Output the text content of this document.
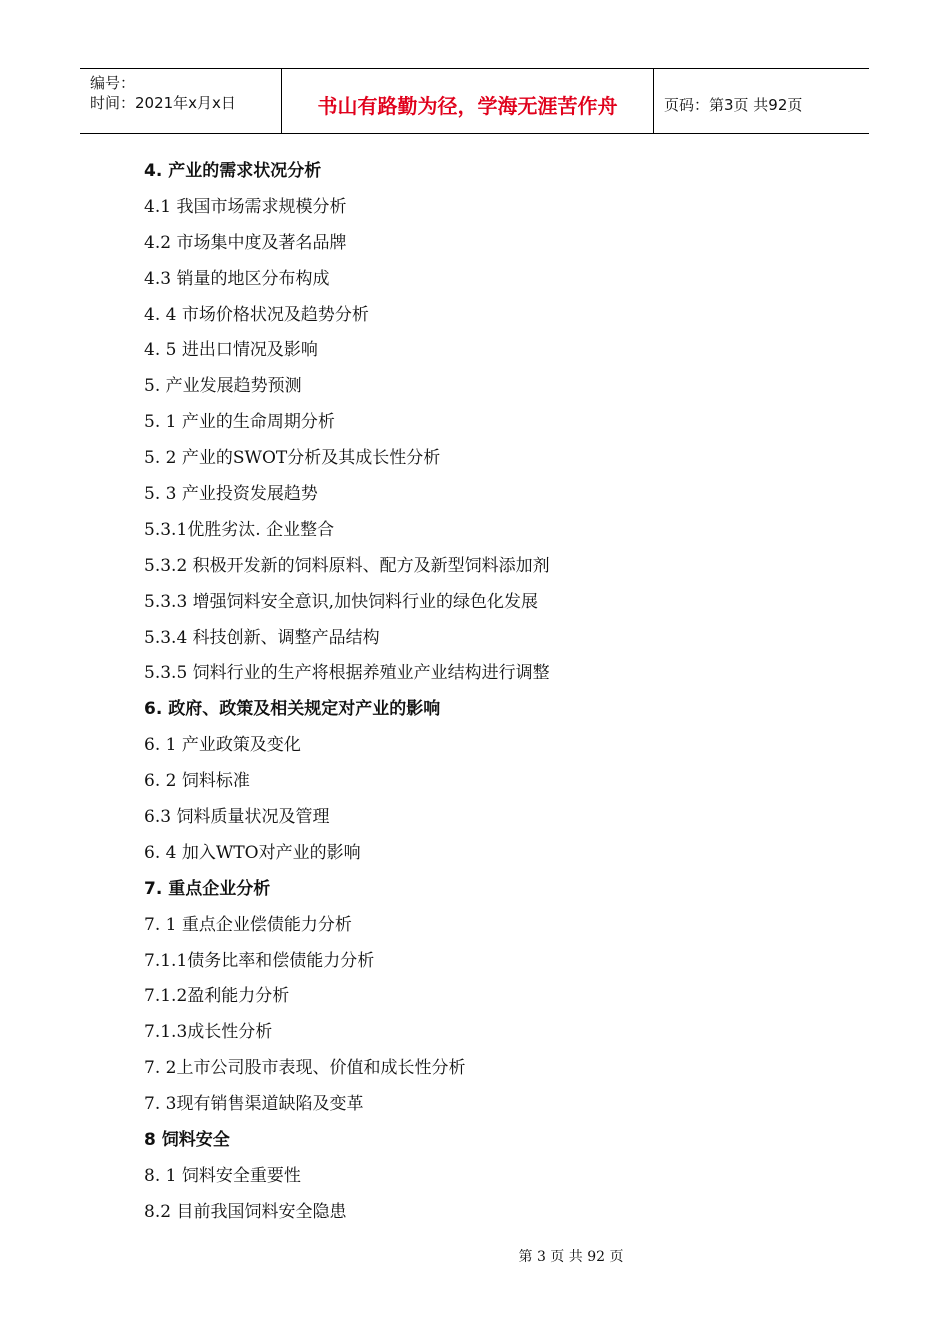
编号：
时间：2021年x月x日	书山有路勤为径，学海无涯苦作舟	页码：第3页 共92页
4. 产业的需求状况分析
4.1 我国市场需求规模分析
4.2 市场集中度及著名品牌
4.3 销量的地区分布构成
4. 4 市场价格状况及趋势分析
4. 5 进出口情况及影响
5. 产业发展趋势预测
5. 1 产业的生命周期分析
5. 2 产业的SWOT分析及其成长性分析
5. 3 产业投资发展趋势
5.3.1优胜劣汰. 企业整合
5.3.2 积极开发新的饲料原料、配方及新型饲料添加剂
5.3.3 增强饲料安全意识,加快饲料行业的绿色化发展
5.3.4 科技创新、调整产品结构
5.3.5 饲料行业的生产将根据养殖业产业结构进行调整
6. 政府、政策及相关规定对产业的影响
6. 1 产业政策及变化
6. 2 饲料标准
6.3 饲料质量状况及管理
6. 4 加入WTO对产业的影响
7. 重点企业分析
7. 1 重点企业偿债能力分析
7.1.1债务比率和偿债能力分析
7.1.2盈利能力分析
7.1.3成长性分析
7. 2上市公司股市表现、价值和成长性分析
7. 3现有销售渠道缺陷及变革
8 饲料安全
8. 1 饲料安全重要性
8.2 目前我国饲料安全隐患
第 3 页 共 92 页
